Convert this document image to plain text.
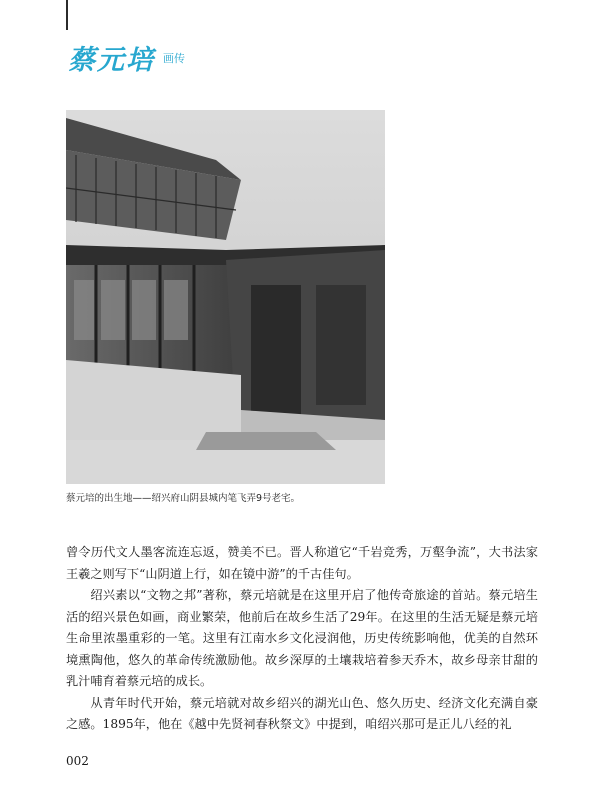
蔡元培 画传
蔡元培的出生地——绍兴府山阴县城内笔飞弄9号老宅。

曾令历代文人墨客流连忘返，赞美不已。晋人称道它“千岩竞秀，万壑争流”，大书法家王羲之则写下“山阴道上行，如在镜中游”的千古佳句。

绍兴素以“文物之邦”著称，蔡元培就是在这里开启了他传奇旅途的首站。蔡元培生活的绍兴景色如画，商业繁荣，他前后在故乡生活了29年。在这里的生活无疑是蔡元培生命里浓墨重彩的一笔。这里有江南水乡文化浸润他，历史传统影响他，优美的自然环境熏陶他，悠久的革命传统激励他。故乡深厚的土壤栽培着参天乔木，故乡母亲甘甜的乳汁哺育着蔡元培的成长。

从青年时代开始，蔡元培就对故乡绍兴的湖光山色、悠久历史、经济文化充满自豪之感。1895年，他在《越中先贤祠春秋祭文》中提到，咱绍兴那可是正儿八经的礼

002
